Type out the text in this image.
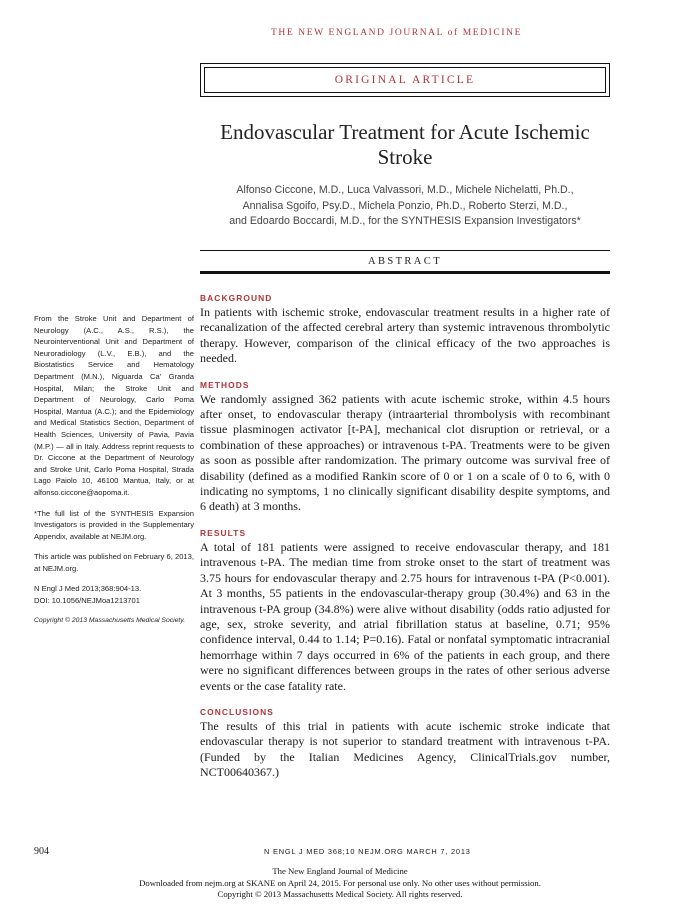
THE NEW ENGLAND JOURNAL of MEDICINE
ORIGINAL ARTICLE
Endovascular Treatment for Acute Ischemic Stroke
Alfonso Ciccone, M.D., Luca Valvassori, M.D., Michele Nichelatti, Ph.D.,
Annalisa Sgoifo, Psy.D., Michela Ponzio, Ph.D., Roberto Sterzi, M.D.,
and Edoardo Boccardi, M.D., for the SYNTHESIS Expansion Investigators*
ABSTRACT

From the Stroke Unit and Department of Neurology (A.C., A.S., R.S.), the Neurointerventional Unit and Department of Neuroradiology (L.V., E.B.), and the Biostatistics Service and Hematology Department (M.N.), Niguarda Ca' Granda Hospital, Milan; the Stroke Unit and Department of Neurology, Carlo Poma Hospital, Mantua (A.C.); and the Epidemiology and Medical Statistics Section, Department of Health Sciences, University of Pavia, Pavia (M.P.) — all in Italy. Address reprint requests to Dr. Ciccone at the Department of Neurology and Stroke Unit, Carlo Poma Hospital, Strada Lago Paiolo 10, 46100 Mantua, Italy, or at alfonso.ciccone@aopoma.it.

*The full list of the SYNTHESIS Expansion Investigators is provided in the Supplementary Appendix, available at NEJM.org.

This article was published on February 6, 2013, at NEJM.org.

N Engl J Med 2013;368:904-13.

DOI: 10.1056/NEJMoa1213701

Copyright © 2013 Massachusetts Medical Society.

BACKGROUND

In patients with ischemic stroke, endovascular treatment results in a higher rate of recanalization of the affected cerebral artery than systemic intravenous thrombolytic therapy. However, comparison of the clinical efficacy of the two approaches is needed.

METHODS

We randomly assigned 362 patients with acute ischemic stroke, within 4.5 hours after onset, to endovascular therapy (intraarterial thrombolysis with recombinant tissue plasminogen activator [t-PA], mechanical clot disruption or retrieval, or a combination of these approaches) or intravenous t-PA. Treatments were to be given as soon as possible after randomization. The primary outcome was survival free of disability (defined as a modified Rankin score of 0 or 1 on a scale of 0 to 6, with 0 indicating no symptoms, 1 no clinically significant disability despite symptoms, and 6 death) at 3 months.

RESULTS

A total of 181 patients were assigned to receive endovascular therapy, and 181 intravenous t-PA. The median time from stroke onset to the start of treatment was 3.75 hours for endovascular therapy and 2.75 hours for intravenous t-PA (P<0.001). At 3 months, 55 patients in the endovascular-therapy group (30.4%) and 63 in the intravenous t-PA group (34.8%) were alive without disability (odds ratio adjusted for age, sex, stroke severity, and atrial fibrillation status at baseline, 0.71; 95% confidence interval, 0.44 to 1.14; P=0.16). Fatal or nonfatal symptomatic intracranial hemorrhage within 7 days occurred in 6% of the patients in each group, and there were no significant differences between groups in the rates of other serious adverse events or the case fatality rate.

CONCLUSIONS

The results of this trial in patients with acute ischemic stroke indicate that endovascular therapy is not superior to standard treatment with intravenous t-PA. (Funded by the Italian Medicines Agency, ClinicalTrials.gov number, NCT00640367.)

904	N ENGL J MED 368;10 NEJM.ORG MARCH 7, 2013
The New England Journal of Medicine
Downloaded from nejm.org at SKANE on April 24, 2015. For personal use only. No other uses without permission.
Copyright © 2013 Massachusetts Medical Society. All rights reserved.
